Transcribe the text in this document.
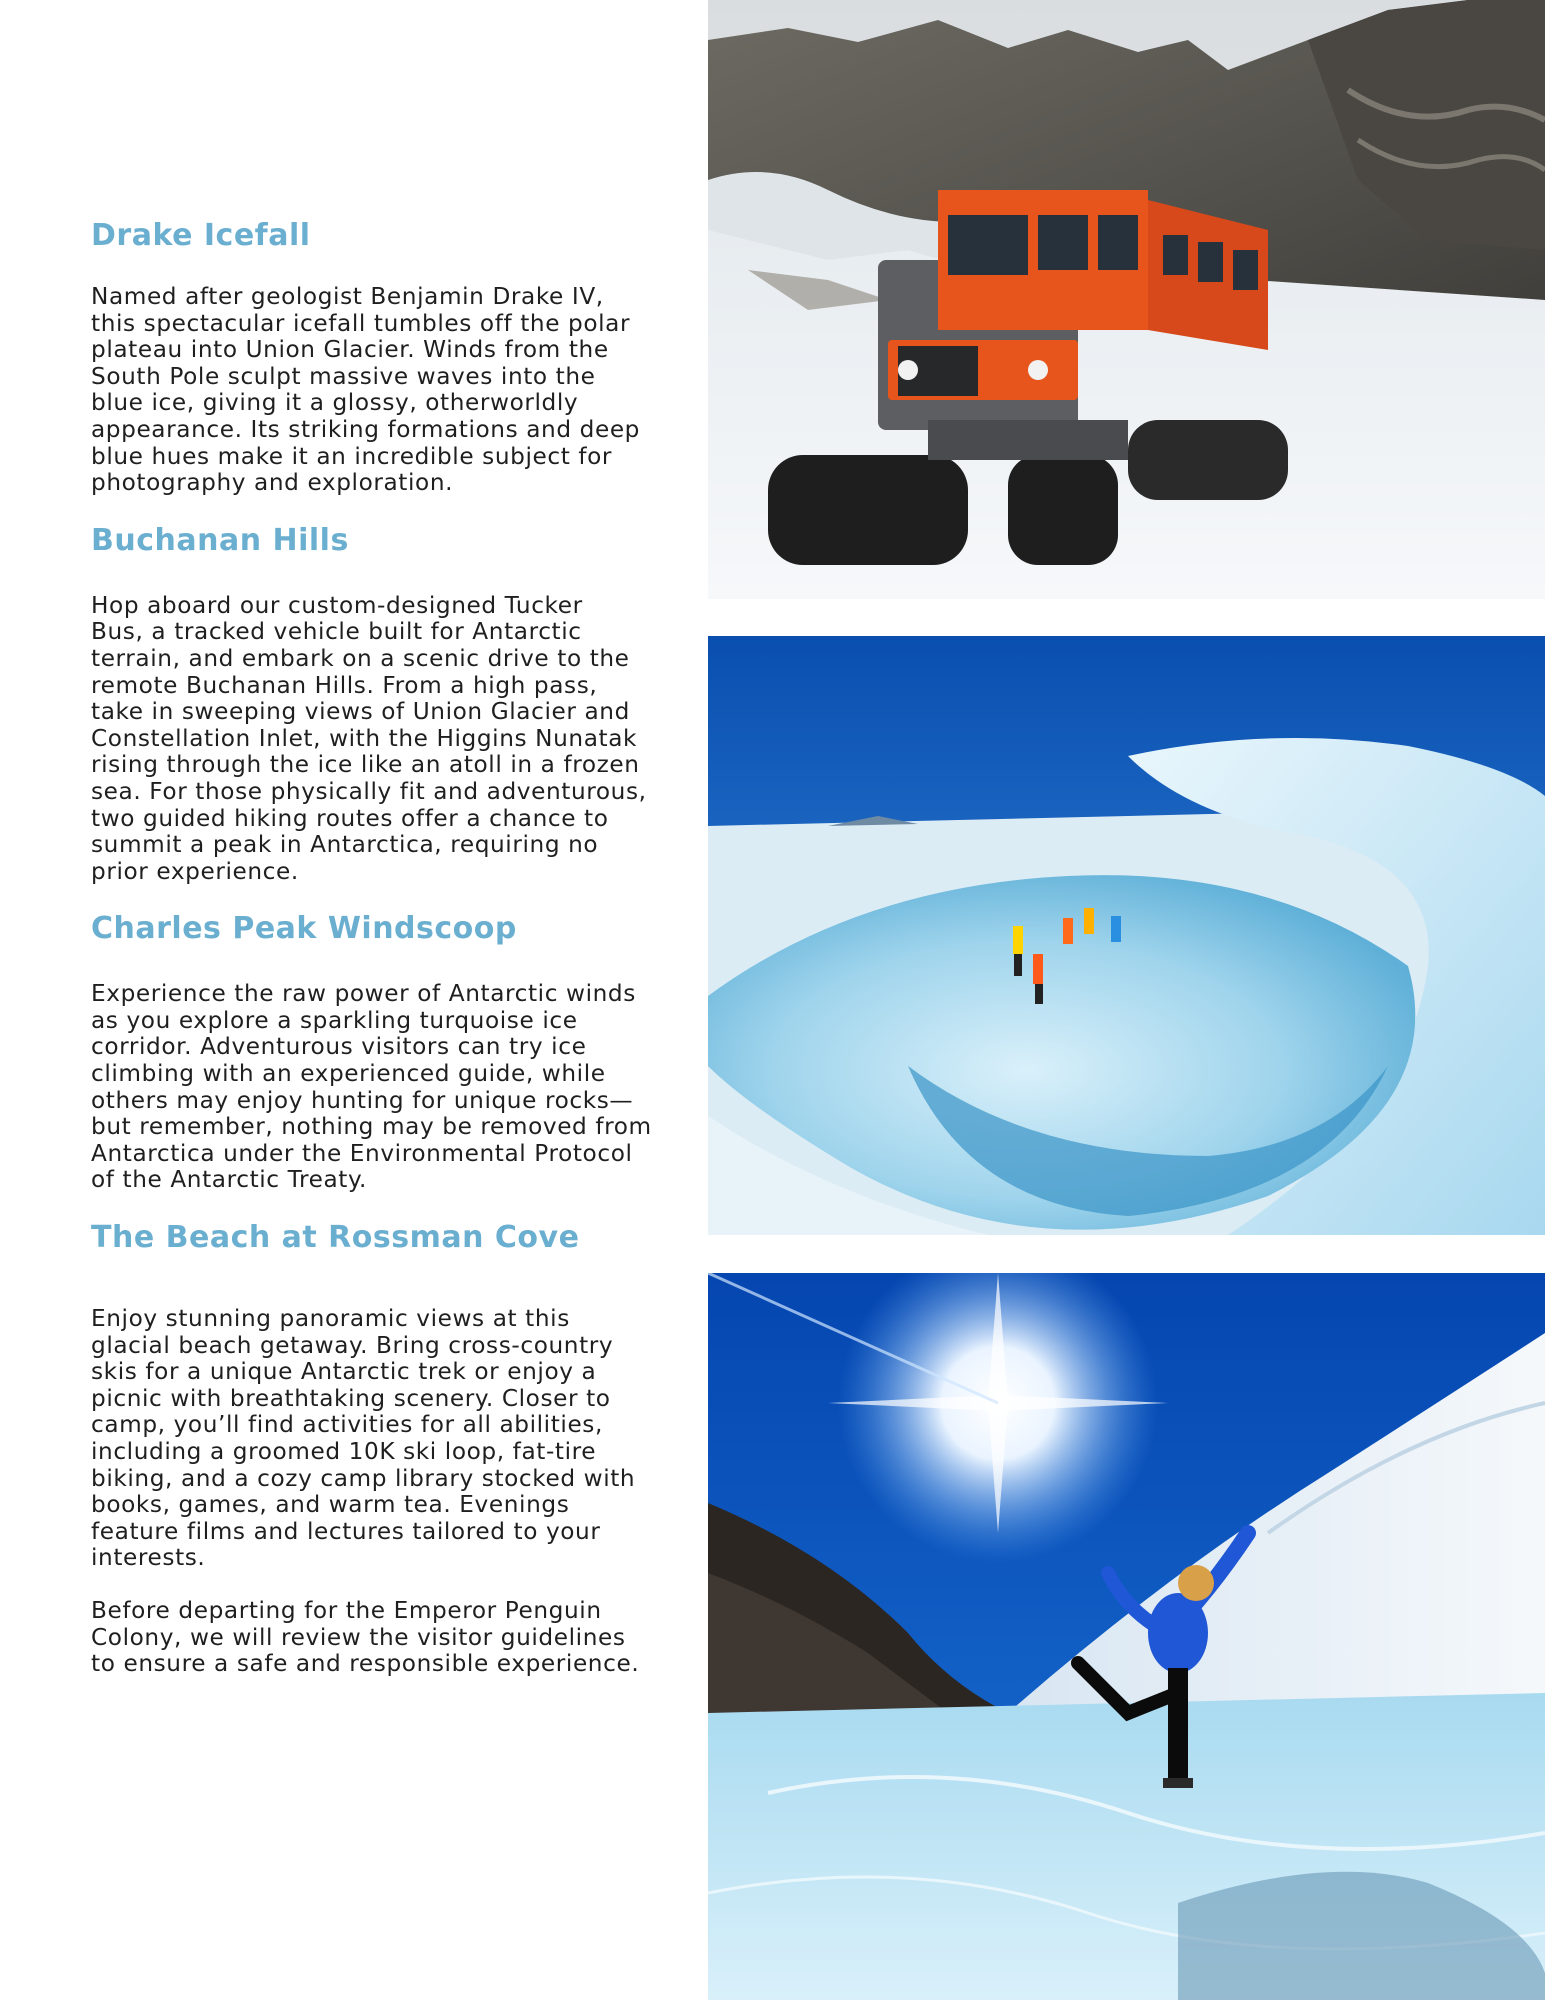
Drake Icefall

Named after geologist Benjamin Drake IV,
this spectacular icefall tumbles off the polar
plateau into Union Glacier. Winds from the
South Pole sculpt massive waves into the
blue ice, giving it a glossy, otherworldly
appearance. Its striking formations and deep
blue hues make it an incredible subject for
photography and exploration.

Buchanan Hills

Hop aboard our custom-designed Tucker
Bus, a tracked vehicle built for Antarctic
terrain, and embark on a scenic drive to the
remote Buchanan Hills. From a high pass,
take in sweeping views of Union Glacier and
Constellation Inlet, with the Higgins Nunatak
rising through the ice like an atoll in a frozen
sea. For those physically fit and adventurous,
two guided hiking routes offer a chance to
summit a peak in Antarctica, requiring no
prior experience.

Charles Peak Windscoop

Experience the raw power of Antarctic winds
as you explore a sparkling turquoise ice
corridor. Adventurous visitors can try ice
climbing with an experienced guide, while
others may enjoy hunting for unique rocks—
but remember, nothing may be removed from
Antarctica under the Environmental Protocol
of the Antarctic Treaty.

The Beach at Rossman Cove

Enjoy stunning panoramic views at this
glacial beach getaway. Bring cross-country
skis for a unique Antarctic trek or enjoy a
picnic with breathtaking scenery. Closer to
camp, you’ll find activities for all abilities,
including a groomed 10K ski loop, fat-tire
biking, and a cozy camp library stocked with
books, games, and warm tea. Evenings
feature films and lectures tailored to your
interests.

Before departing for the Emperor Penguin
Colony, we will review the visitor guidelines
to ensure a safe and responsible experience.
